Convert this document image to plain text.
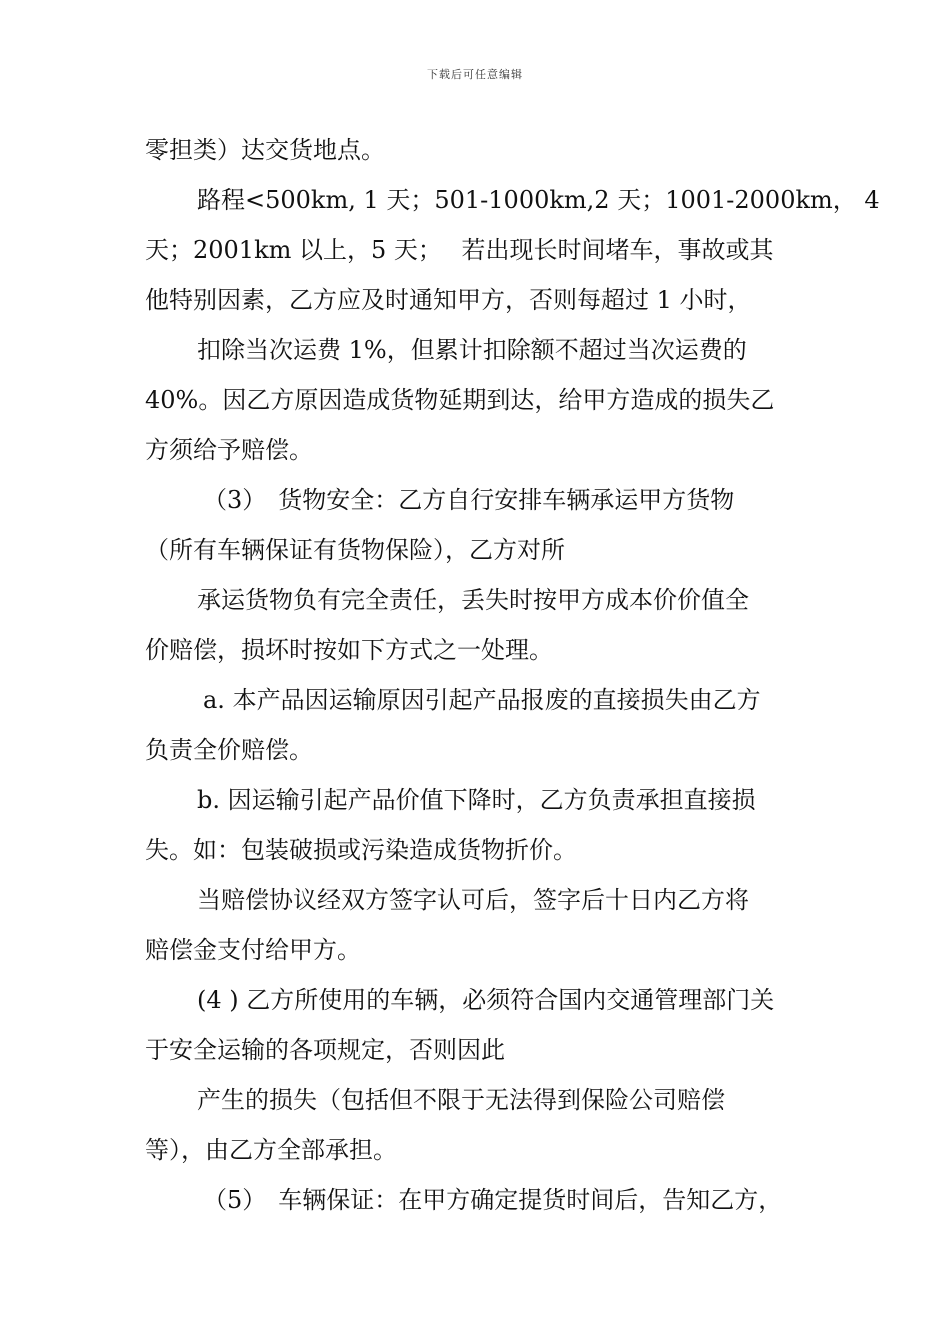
下载后可任意编辑
零担类）达交货地点。
路程<500km, 1 天；501-1000km,2 天；1001-2000km， 4
天；2001km 以上，5 天；　 若出现长时间堵车，事故或其
他特别因素，乙方应及时通知甲方，否则每超过 1 小时，
扣除当次运费 1%，但累计扣除额不超过当次运费的
40%。因乙方原因造成货物延期到达，给甲方造成的损失乙
方须给予赔偿。
（3）　货物安全：乙方自行安排车辆承运甲方货物
（所有车辆保证有货物保险），乙方对所
承运货物负有完全责任，丢失时按甲方成本价价值全
价赔偿，损坏时按如下方式之一处理。
a. 本产品因运输原因引起产品报废的直接损失由乙方
负责全价赔偿。
b. 因运输引起产品价值下降时，乙方负责承担直接损
失。如：包装破损或污染造成货物折价。
当赔偿协议经双方签字认可后，签字后十日内乙方将
赔偿金支付给甲方。
(4 ) 乙方所使用的车辆，必须符合国内交通管理部门关
于安全运输的各项规定，否则因此
产生的损失（包括但不限于无法得到保险公司赔偿
等），由乙方全部承担。
（5）　车辆保证：在甲方确定提货时间后，告知乙方，
